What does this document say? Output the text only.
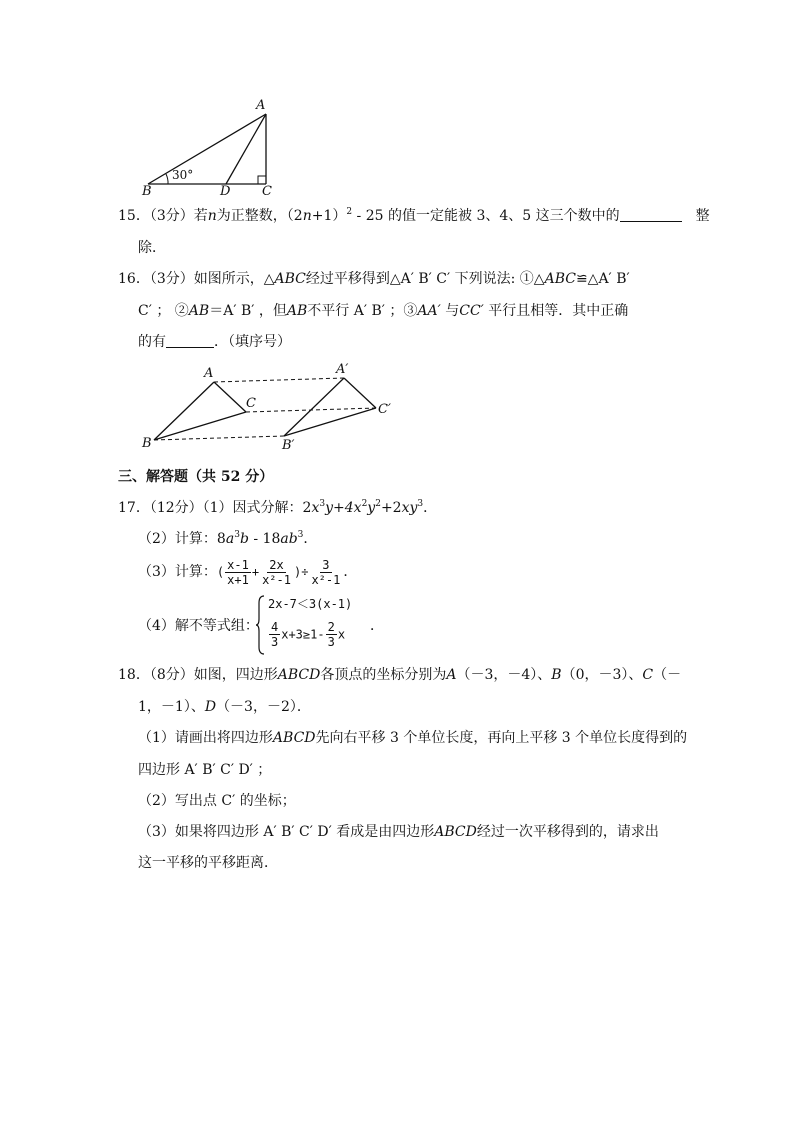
A
B	D C
30°
15．（3分）若n为正整数，$(2n+1)^2 - 25$ 的值一定能被 3、4、5 这三个数中的	整
除．
16．（3分）如图所示，△ABC经过平移得到△A′ B′ C′ 下列说法: ①△ABC≌△A′ B′
C′ ； ②AB＝A′ B′ ，但AB不平行 A′ B′ ；③AA′ 与CC′ 平行且相等．其中正确
的有	．（填序号）
A
B
C
A′
B′
C′
三、解答题（共 52 分）
17．（12分）（1）因式分解：$2x^3y+4x^2y^2+2xy^3$．
（2）计算：$8a^3b - 18ab^3$．
（3）计算：( $\frac{x-1}{x+1} + \frac{2x}{\text{x²-1}}$ )÷ $\frac{3}{\text{x²-1}}$ ．
（4）解不等式组：
2x-7＜3(x-1)
$\frac{4}{3} x+3\ge 1- \frac{2}{3}$ x
．
18．（8分）如图，四边形ABCD各顶点的坐标分别为A（－3，－4）、B（0，－3）、C（－
1，－1）、D（－3，－2）．
（1）请画出将四边形ABCD先向右平移 3 个单位长度，再向上平移 3 个单位长度得到的
四边形 A′ B′ C′ D′ ；
（2）写出点 C′ 的坐标；
（3）如果将四边形 A′ B′ C′ D′ 看成是由四边形ABCD经过一次平移得到的，请求出
这一平移的平移距离．
